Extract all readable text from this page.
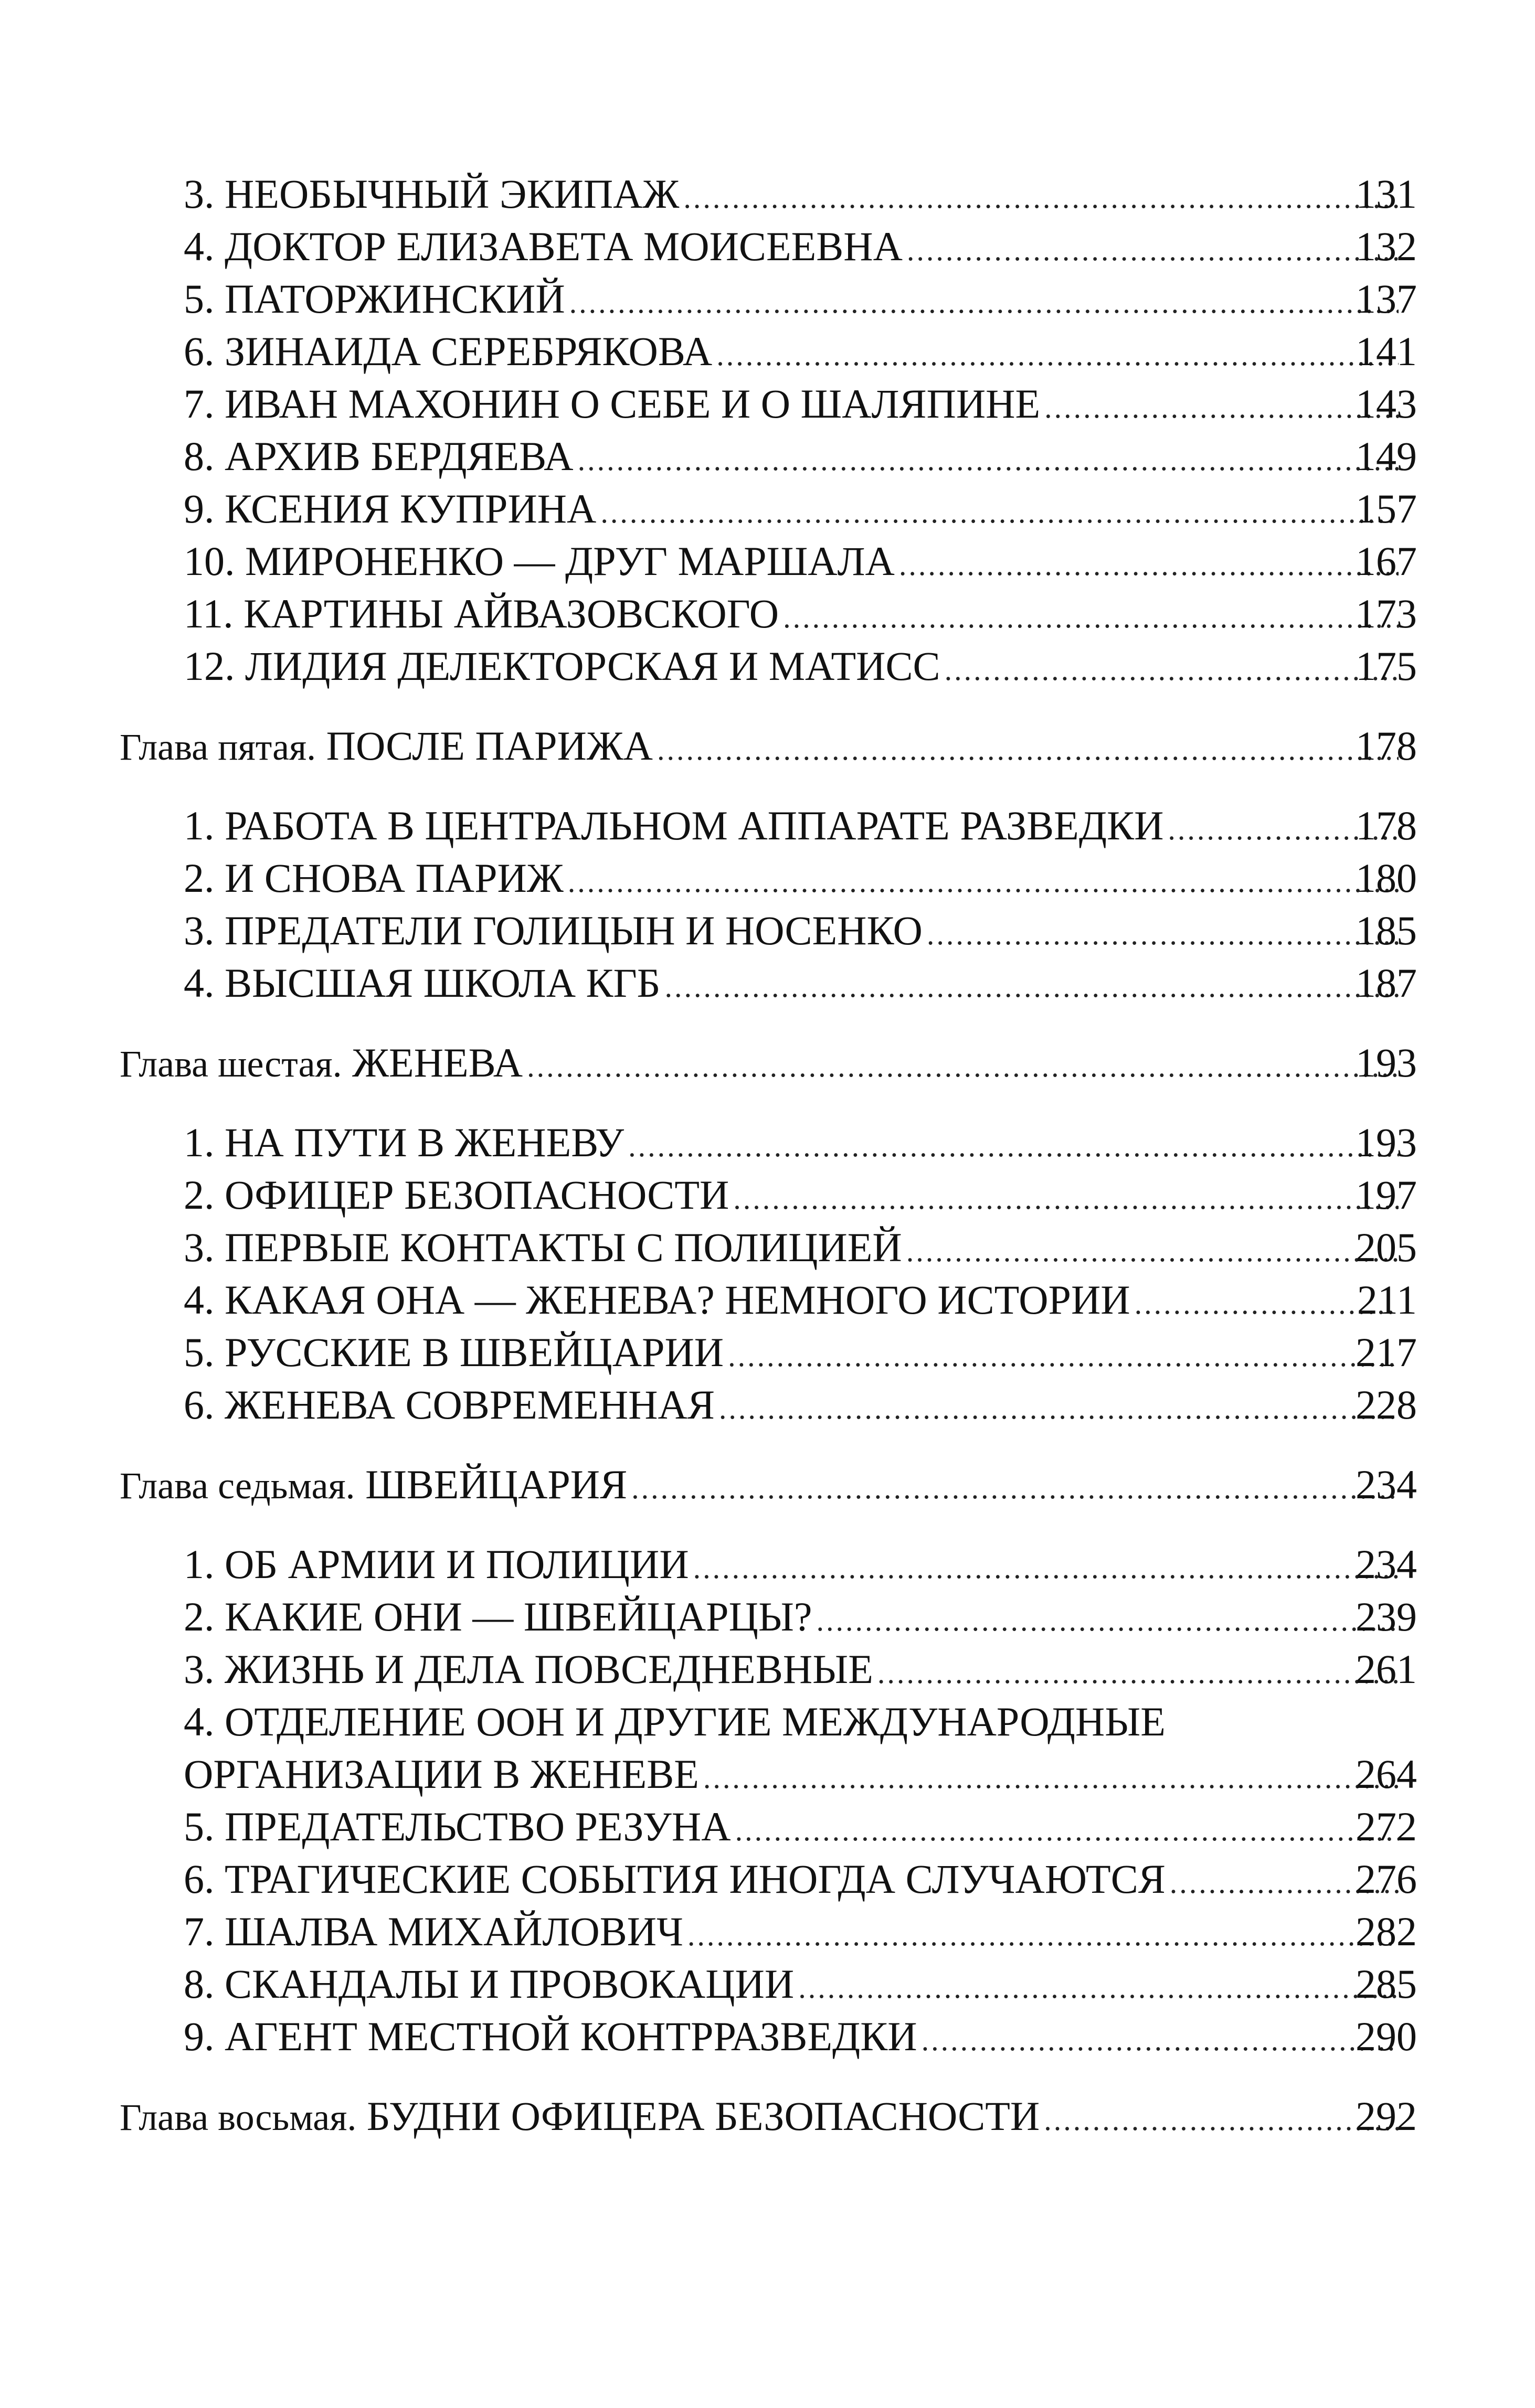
3. НЕОБЫЧНЫЙ ЭКИПАЖ .....	131
4. ДОКТОР ЕЛИЗАВЕТА МОИСЕЕВНА .....	132
5. ПАТОРЖИНСКИЙ .....	137
6. ЗИНАИДА СЕРЕБРЯКОВА .....	141
7. ИВАН МАХОНИН О СЕБЕ И О ШАЛЯПИНЕ .....	143
8. АРХИВ БЕРДЯЕВА .....	149
9. КСЕНИЯ КУПРИНА .....	157
10. МИРОНЕНКО — ДРУГ МАРШАЛА .....	167
11. КАРТИНЫ АЙВАЗОВСКОГО .....	173
12. ЛИДИЯ ДЕЛЕКТОРСКАЯ И МАТИСС .....	175
Глава пятая. ПОСЛЕ ПАРИЖА .....	178
1. РАБОТА В ЦЕНТРАЛЬНОМ АППАРАТЕ РАЗВЕДКИ .....	178
2. И СНОВА ПАРИЖ .....	180
3. ПРЕДАТЕЛИ ГОЛИЦЫН И НОСЕНКО .....	185
4. ВЫСШАЯ ШКОЛА КГБ .....	187
Глава шестая. ЖЕНЕВА .....	193
1. НА ПУТИ В ЖЕНЕВУ .....	193
2. ОФИЦЕР БЕЗОПАСНОСТИ .....	197
3. ПЕРВЫЕ КОНТАКТЫ С ПОЛИЦИЕЙ .....	205
4. КАКАЯ ОНА — ЖЕНЕВА? НЕМНОГО ИСТОРИИ .....	211
5. РУССКИЕ В ШВЕЙЦАРИИ .....	217
6. ЖЕНЕВА СОВРЕМЕННАЯ .....	228
Глава седьмая. ШВЕЙЦАРИЯ .....	234
1. ОБ АРМИИ И ПОЛИЦИИ .....	234
2. КАКИЕ ОНИ — ШВЕЙЦАРЦЫ? .....	239
3. ЖИЗНЬ И ДЕЛА ПОВСЕДНЕВНЫЕ .....	261
4. ОТДЕЛЕНИЕ ООН И ДРУГИЕ МЕЖДУНАРОДНЫЕ
ОРГАНИЗАЦИИ В ЖЕНЕВЕ .....	264
5. ПРЕДАТЕЛЬСТВО РЕЗУНА .....	272
6. ТРАГИЧЕСКИЕ СОБЫТИЯ ИНОГДА СЛУЧАЮТСЯ .....	276
7. ШАЛВА МИХАЙЛОВИЧ .....	282
8. СКАНДАЛЫ И ПРОВОКАЦИИ .....	285
9. АГЕНТ МЕСТНОЙ КОНТРРАЗВЕДКИ .....	290
Глава восьмая. БУДНИ ОФИЦЕРА БЕЗОПАСНОСТИ .....	292
